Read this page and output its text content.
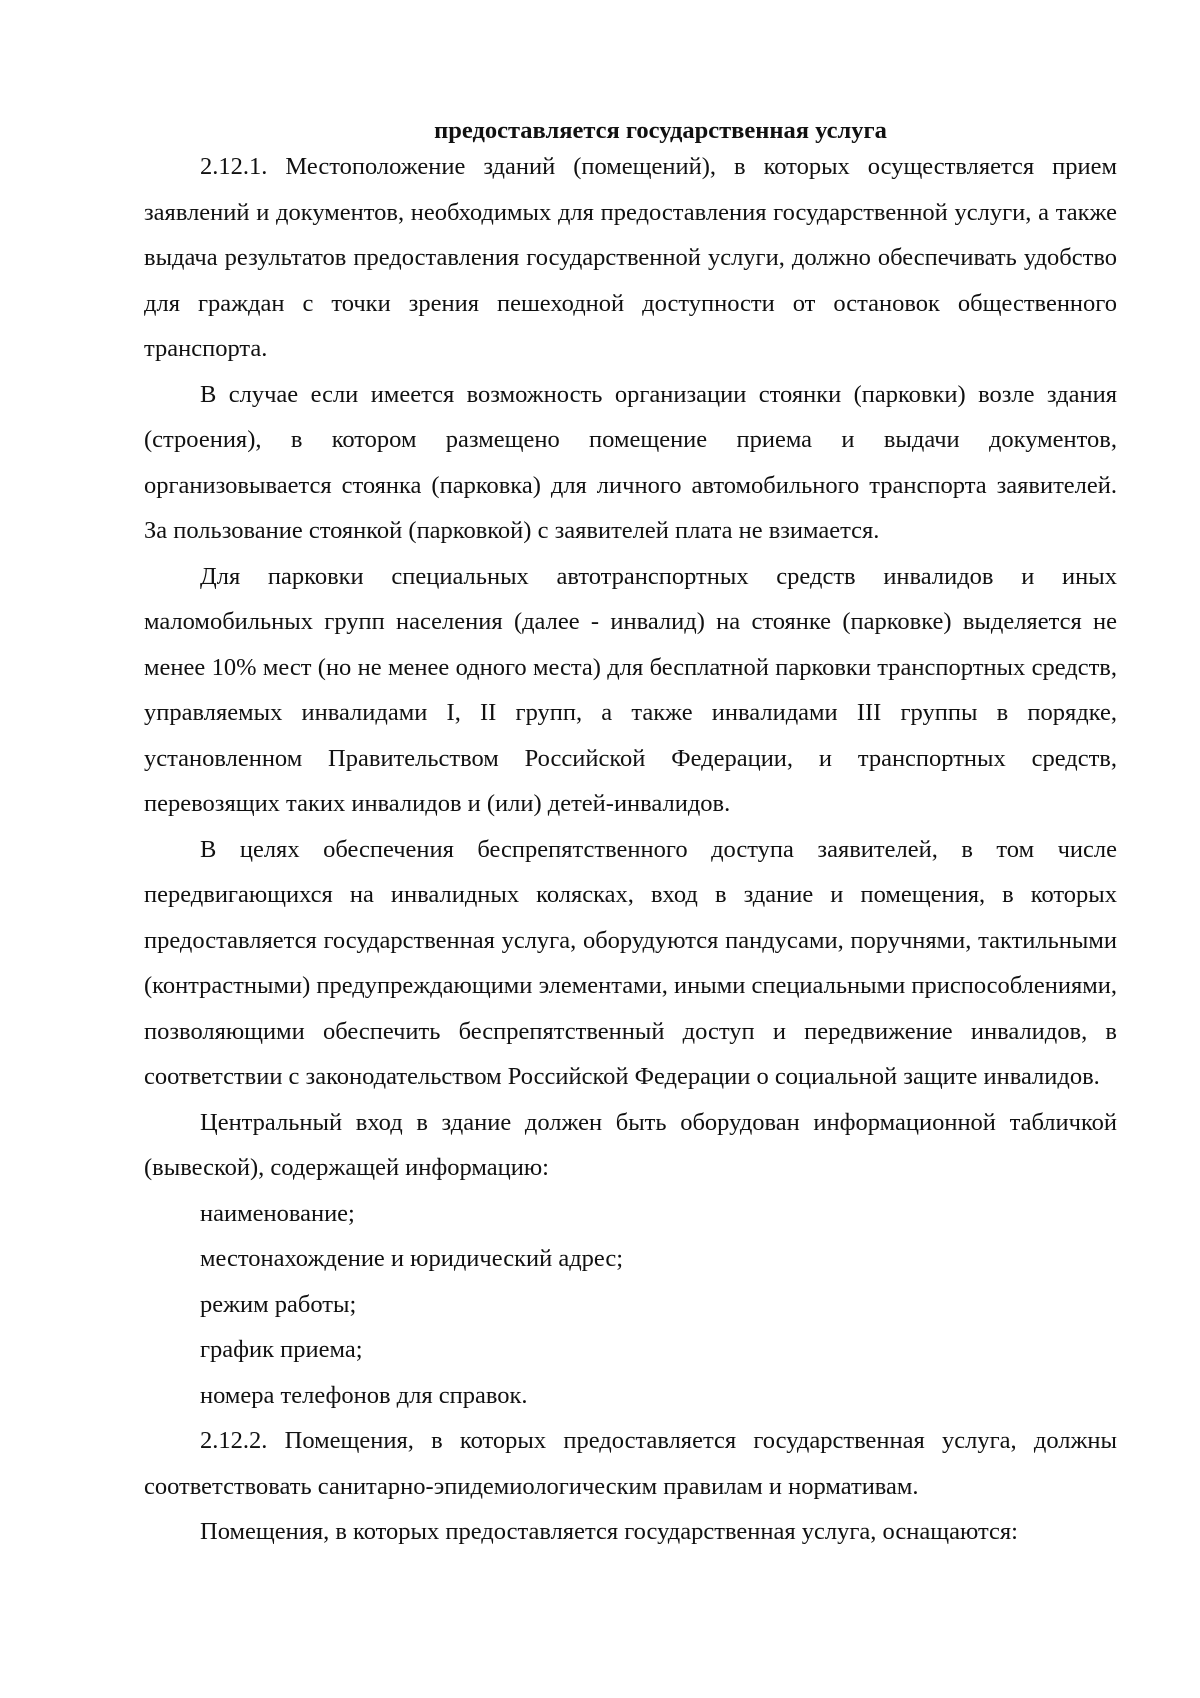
предоставляется государственная услуга

2.12.1. Местоположение зданий (помещений), в которых осуществляется прием заявлений и документов, необходимых для предоставления государственной услуги, а также выдача результатов предоставления государственной услуги, должно обеспечивать удобство для граждан с точки зрения пешеходной доступности от остановок общественного транспорта.

В случае если имеется возможность организации стоянки (парковки) возле здания (строения), в котором размещено помещение приема и выдачи документов, организовывается стоянка (парковка) для личного автомобильного транспорта заявителей. За пользование стоянкой (парковкой) с заявителей плата не взимается.

Для парковки специальных автотранспортных средств инвалидов и иных маломобильных групп населения (далее - инвалид) на стоянке (парковке) выделяется не менее 10% мест (но не менее одного места) для бесплатной парковки транспортных средств, управляемых инвалидами I, II групп, а также инвалидами III группы в порядке, установленном Правительством Российской Федерации, и транспортных средств, перевозящих таких инвалидов и (или) детей-инвалидов.

В целях обеспечения беспрепятственного доступа заявителей, в том числе передвигающихся на инвалидных колясках, вход в здание и помещения, в которых предоставляется государственная услуга, оборудуются пандусами, поручнями, тактильными (контрастными) предупреждающими элементами, иными специальными приспособлениями, позволяющими обеспечить беспрепятственный доступ и передвижение инвалидов, в соответствии с законодательством Российской Федерации о социальной защите инвалидов.

Центральный вход в здание должен быть оборудован информационной табличкой (вывеской), содержащей информацию:

наименование;

местонахождение и юридический адрес;

режим работы;

график приема;

номера телефонов для справок.

2.12.2. Помещения, в которых предоставляется государственная услуга, должны соответствовать санитарно-эпидемиологическим правилам и нормативам.

Помещения, в которых предоставляется государственная услуга, оснащаются:
